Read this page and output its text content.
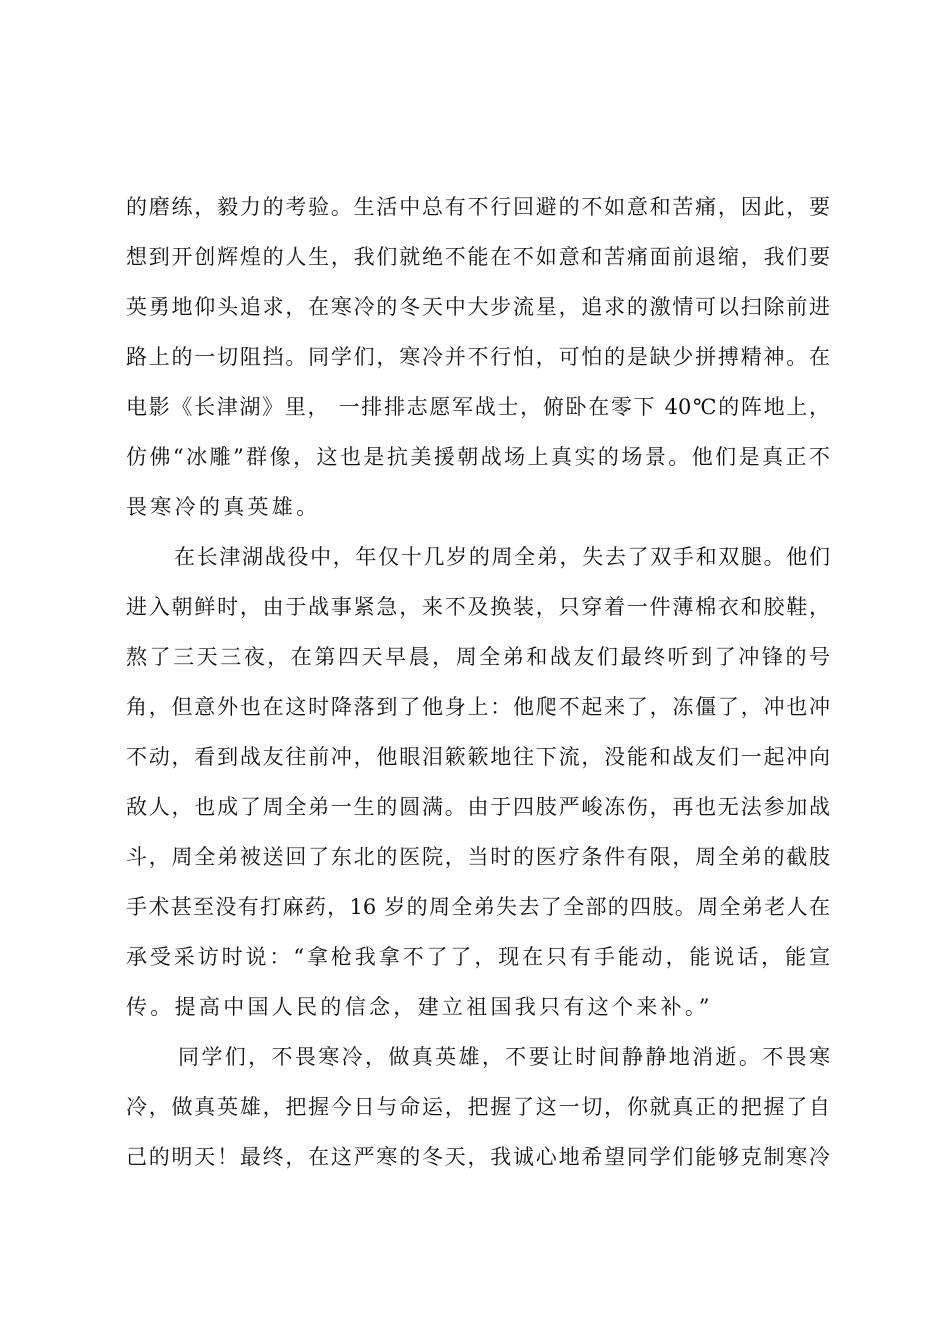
的磨练，毅力的考验。生活中总有不行回避的不如意和苦痛，因此，要
想到开创辉煌的人生，我们就绝不能在不如意和苦痛面前退缩，我们要
英勇地仰头追求，在寒冷的冬天中大步流星，追求的激情可以扫除前进
路上的一切阻挡。同学们，寒冷并不行怕，可怕的是缺少拼搏精神。在
电影《长津湖》里， 一排排志愿军战士，俯卧在零下 40℃的阵地上，
仿佛“冰雕”群像，这也是抗美援朝战场上真实的场景。他们是真正不
畏寒冷的真英雄。
在长津湖战役中，年仅十几岁的周全弟，失去了双手和双腿。他们
进入朝鲜时，由于战事紧急，来不及换装，只穿着一件薄棉衣和胶鞋，
熬了三天三夜，在第四天早晨，周全弟和战友们最终听到了冲锋的号
角，但意外也在这时降落到了他身上：他爬不起来了，冻僵了，冲也冲
不动，看到战友往前冲，他眼泪簌簌地往下流，没能和战友们一起冲向
敌人，也成了周全弟一生的圆满。由于四肢严峻冻伤，再也无法参加战
斗，周全弟被送回了东北的医院，当时的医疗条件有限，周全弟的截肢
手术甚至没有打麻药，16 岁的周全弟失去了全部的四肢。周全弟老人在
承受采访时说：“拿枪我拿不了了，现在只有手能动，能说话，能宣
传。提高中国人民的信念，建立祖国我只有这个来补。”
同学们，不畏寒冷，做真英雄，不要让时间静静地消逝。不畏寒
冷，做真英雄，把握今日与命运，把握了这一切，你就真正的把握了自
己的明天！最终，在这严寒的冬天，我诚心地希望同学们能够克制寒冷
